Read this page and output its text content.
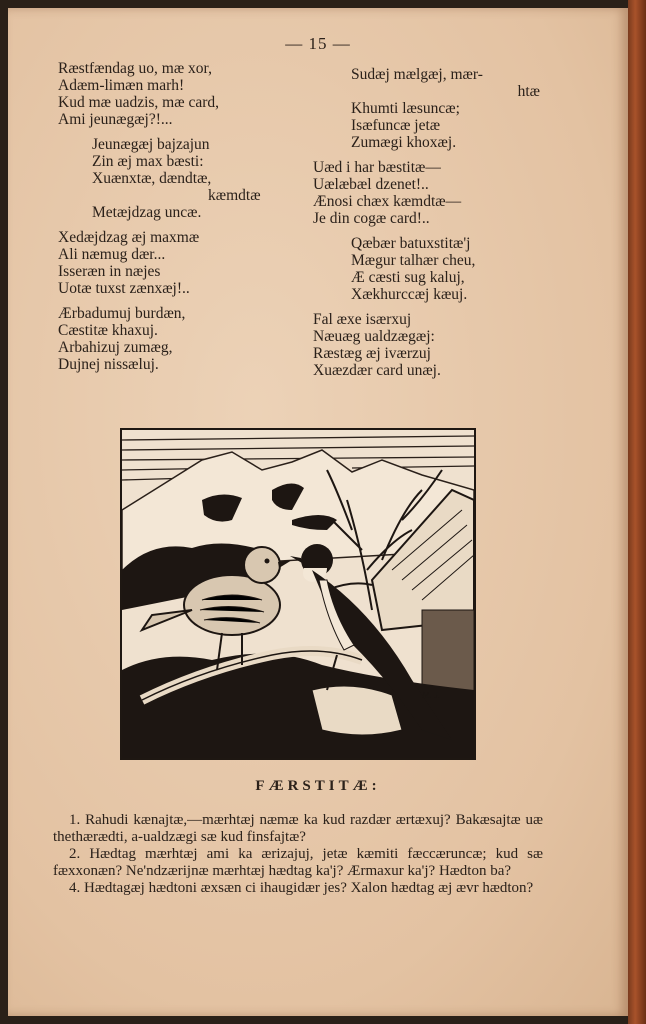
— 15 —
Ræstfændag uo, mæ xor,
Adæm-limæn marh!
Kud mæ uadzis, mæ card,
Ami jeunægæj?!...
Jeunægæj bajzajun
Zin æj max bæsti:
Xuænxtæ, dændtæ,
kæmdtæ
Metæjdzag uncæ.
Xedæjdzag æj maxmæ
Ali næmug dær...
Isseræn in næjes
Uotæ tuxst zænxæj!..
Ærbadumuj burdæn,
Cæstitæ khaxuj.
Arbahizuj zumæg,
Dujnej nissæluj.
Sudæj mælgæj, mær-
htæ
Khumti læsuncæ;
Isæfuncæ jetæ
Zumægi khoxæj.
Uæd i har bæstitæ—
Uælæbæl dzenet!..
Ænosi chæx kæmdtæ—
Je din cogæ card!..
Qæbær batuxstitæ'j
Mægur talhær cheu,
Æ cæsti sug kaluj,
Xækhurccæj kæuj.
Fal æxe isærxuj
Næuæg ualdzægæj:
Ræstæg æj iværzuj
Xuæzdær card unæj.
M. J.
FÆRSTITÆ:

1. Rahudi kænajtæ,—mærhtæj næmæ ka kud razdær ærtæxuj? Bakæsajtæ uæ thethærædti, a-ualdzægi sæ kud finsfajtæ?

2. Hædtag mærhtæj ami ka ærizajuj, jetæ kæmiti fæccæruncæ; kud sæ fæxxonæn? Ne'ndzærijnæ mærhtæj hædtag ka'j? Ærmaxur ka'j? Hædton ba?

4. Hædtagæj hædtoni æxsæn ci ihaugidær jes? Xalon hædtag æj ævr hædton?
